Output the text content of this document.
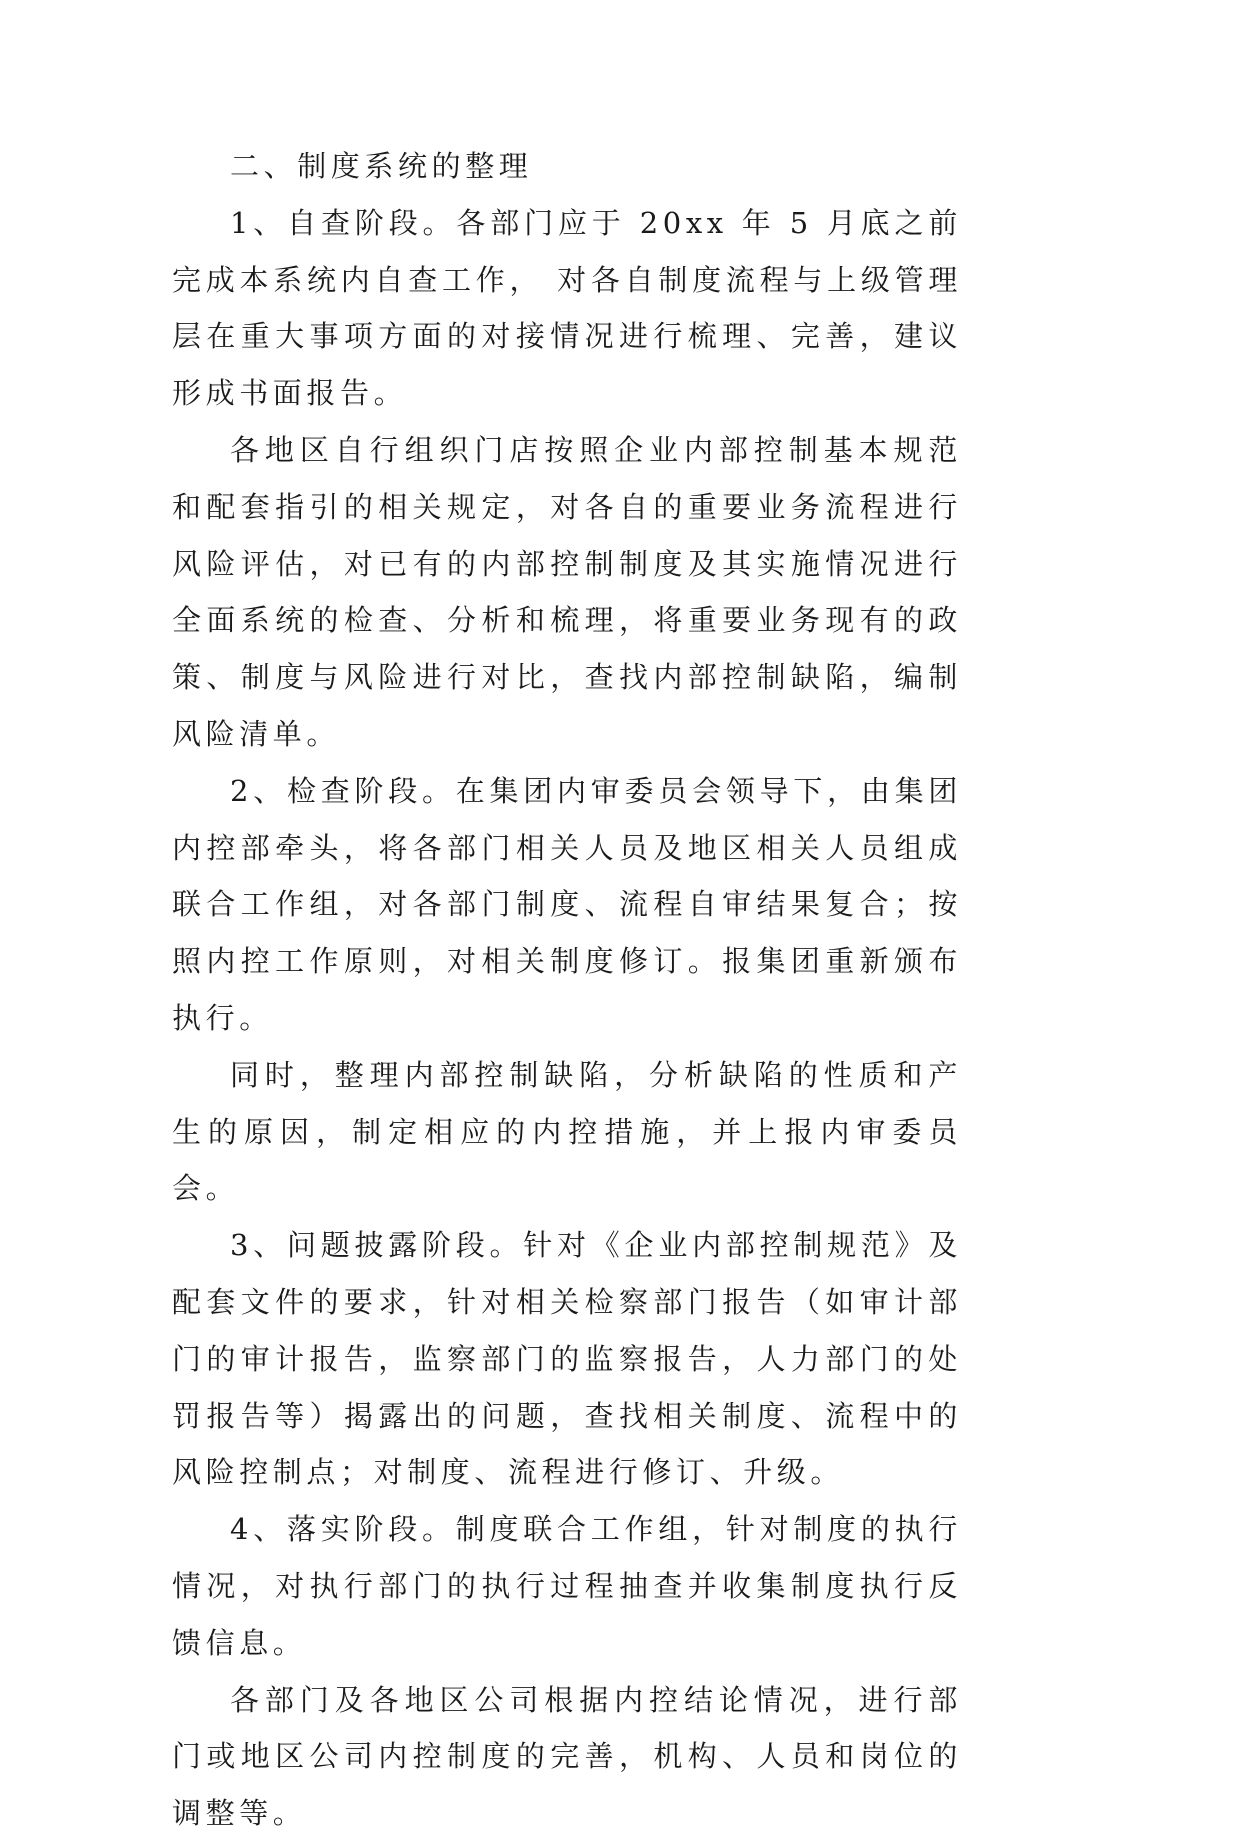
二、制度系统的整理

1、自查阶段。各部门应于 20xx 年 5 月底之前完成本系统内自查工作， 对各自制度流程与上级管理层在重大事项方面的对接情况进行梳理、完善，建议形成书面报告。

各地区自行组织门店按照企业内部控制基本规范和配套指引的相关规定，对各自的重要业务流程进行风险评估，对已有的内部控制制度及其实施情况进行全面系统的检查、分析和梳理，将重要业务现有的政策、制度与风险进行对比，查找内部控制缺陷，编制风险清单。

2、检查阶段。在集团内审委员会领导下，由集团内控部牵头，将各部门相关人员及地区相关人员组成联合工作组，对各部门制度、流程自审结果复合；按照内控工作原则，对相关制度修订。报集团重新颁布执行。

同时，整理内部控制缺陷，分析缺陷的性质和产生的原因，制定相应的内控措施，并上报内审委员会。

3、问题披露阶段。针对《企业内部控制规范》及配套文件的要求，针对相关检察部门报告（如审计部门的审计报告，监察部门的监察报告，人力部门的处罚报告等）揭露出的问题，查找相关制度、流程中的风险控制点；对制度、流程进行修订、升级。

4、落实阶段。制度联合工作组，针对制度的执行情况，对执行部门的执行过程抽查并收集制度执行反馈信息。

各部门及各地区公司根据内控结论情况，进行部门或地区公司内控制度的完善，机构、人员和岗位的调整等。
